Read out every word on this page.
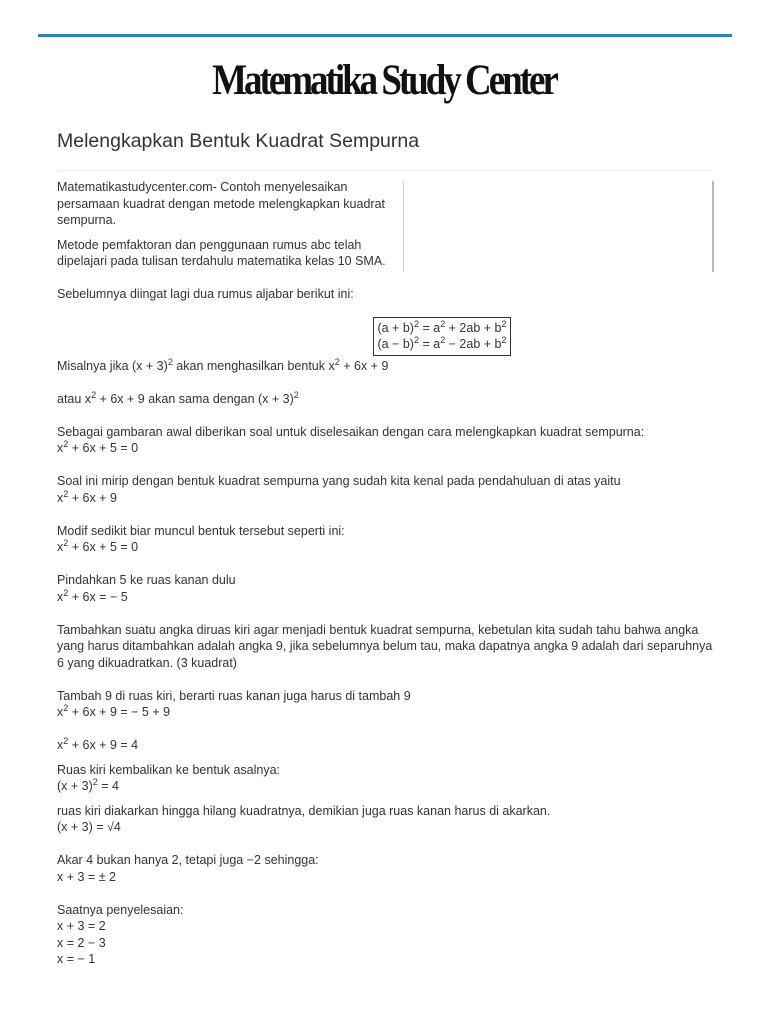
Matematika Study Center
Melengkapkan Bentuk Kuadrat Sempurna

Matematikastudycenter.com- Contoh menyelesaikan persamaan kuadrat dengan metode melengkapkan kuadrat sempurna.

Metode pemfaktoran dan penggunaan rumus abc telah dipelajari pada tulisan terdahulu matematika kelas 10 SMA.

Sebelumnya diingat lagi dua rumus aljabar berikut ini:
$(a + b)^2 = a^2 + 2ab + b^2$
$(a - b)^2 = a^2 - 2ab + b^2$
Misalnya jika $(x + 3)^2$ akan menghasilkan bentuk $x^2 + 6x + 9$

atau $x^2 + 6x + 9$ akan sama dengan $(x + 3)^2$

Sebagai gambaran awal diberikan soal untuk diselesaikan dengan cara melengkapkan kuadrat sempurna:
$x^2 + 6x + 5 = 0$

Soal ini mirip dengan bentuk kuadrat sempurna yang sudah kita kenal pada pendahuluan di atas yaitu
$x^2 + 6x + 9$

Modif sedikit biar muncul bentuk tersebut seperti ini:
$x^2 + 6x + 5 = 0$

Pindahkan 5 ke ruas kanan dulu
$x^2 + 6x$ = − 5

Tambahkan suatu angka diruas kiri agar menjadi bentuk kuadrat sempurna, kebetulan kita sudah tahu bahwa angka yang harus ditambahkan adalah angka 9, jika sebelumnya belum tau, maka dapatnya angka 9 adalah dari separuhnya 6 yang dikuadratkan. (3 kuadrat)

Tambah 9 di ruas kiri, berarti ruas kanan juga harus di tambah 9
$x^2 + 6x + 9$ = − 5 + 9

$x^2 + 6x + 9 = 4$
Ruas kiri kembalikan ke bentuk asalnya:
$(x + 3)^2 = 4$
ruas kiri diakarkan hingga hilang kuadratnya, demikian juga ruas kanan harus di akarkan.
(x + 3) = √4

Akar 4 bukan hanya 2, tetapi juga −2 sehingga:
x + 3 = ± 2

Saatnya penyelesaian:
x + 3 = 2
x = 2 − 3
x = − 1
